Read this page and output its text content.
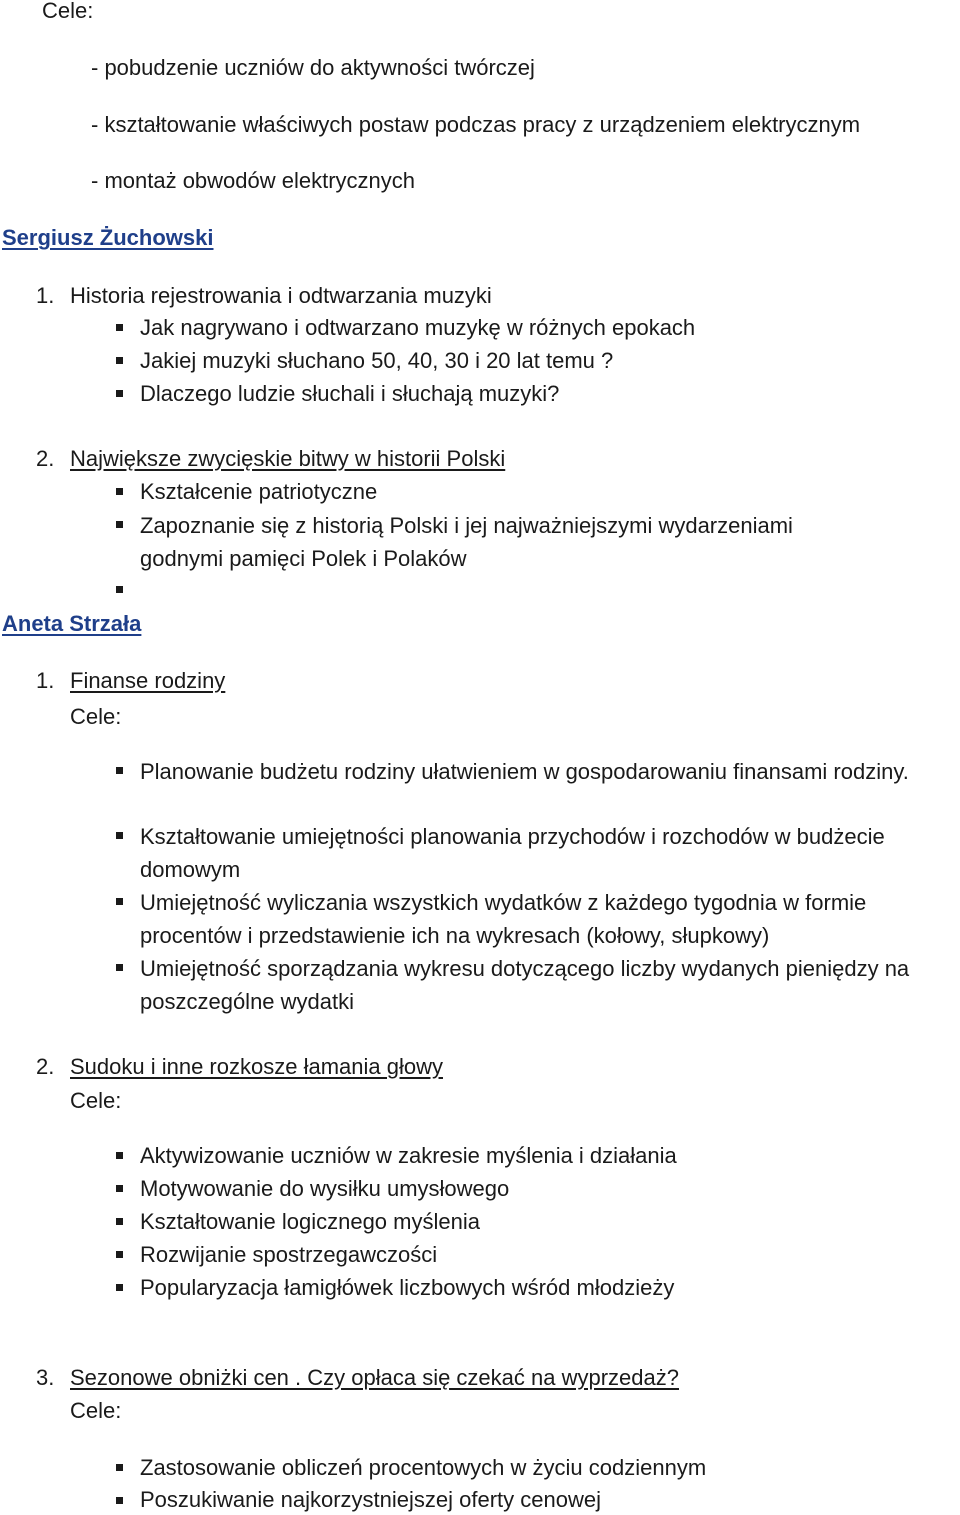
Cele:
- pobudzenie uczniów do aktywności twórczej
- kształtowanie właściwych postaw podczas pracy z urządzeniem elektrycznym
- montaż obwodów elektrycznych
Sergiusz Żuchowski
1. Historia rejestrowania i odtwarzania muzyki
Jak nagrywano i odtwarzano muzykę w różnych epokach
Jakiej muzyki słuchano 50, 40, 30 i 20 lat temu ?
Dlaczego ludzie słuchali i słuchają muzyki?
2. Największe zwycięskie bitwy w historii Polski
Kształcenie patriotyczne
Zapoznanie się z historią Polski i jej najważniejszymi wydarzeniami godnymi pamięci Polek i Polaków
Aneta Strzała
1. Finanse rodziny
Cele:
Planowanie budżetu rodziny ułatwieniem w gospodarowaniu finansami rodziny.
Kształtowanie umiejętności planowania przychodów i rozchodów w budżecie domowym
Umiejętność wyliczania wszystkich wydatków z każdego tygodnia w formie procentów i przedstawienie ich na wykresach (kołowy, słupkowy)
Umiejętność sporządzania wykresu dotyczącego liczby wydanych pieniędzy na poszczególne wydatki
2. Sudoku i inne rozkosze łamania głowy
Cele:
Aktywizowanie uczniów w zakresie myślenia i działania
Motywowanie do wysiłku umysłowego
Kształtowanie logicznego myślenia
Rozwijanie spostrzegawczości
Popularyzacja łamigłówek liczbowych wśród młodzieży
3. Sezonowe obniżki cen . Czy opłaca się czekać na wyprzedaż?
Cele:
Zastosowanie obliczeń procentowych w życiu codziennym
Poszukiwanie najkorzystniejszej oferty cenowej
